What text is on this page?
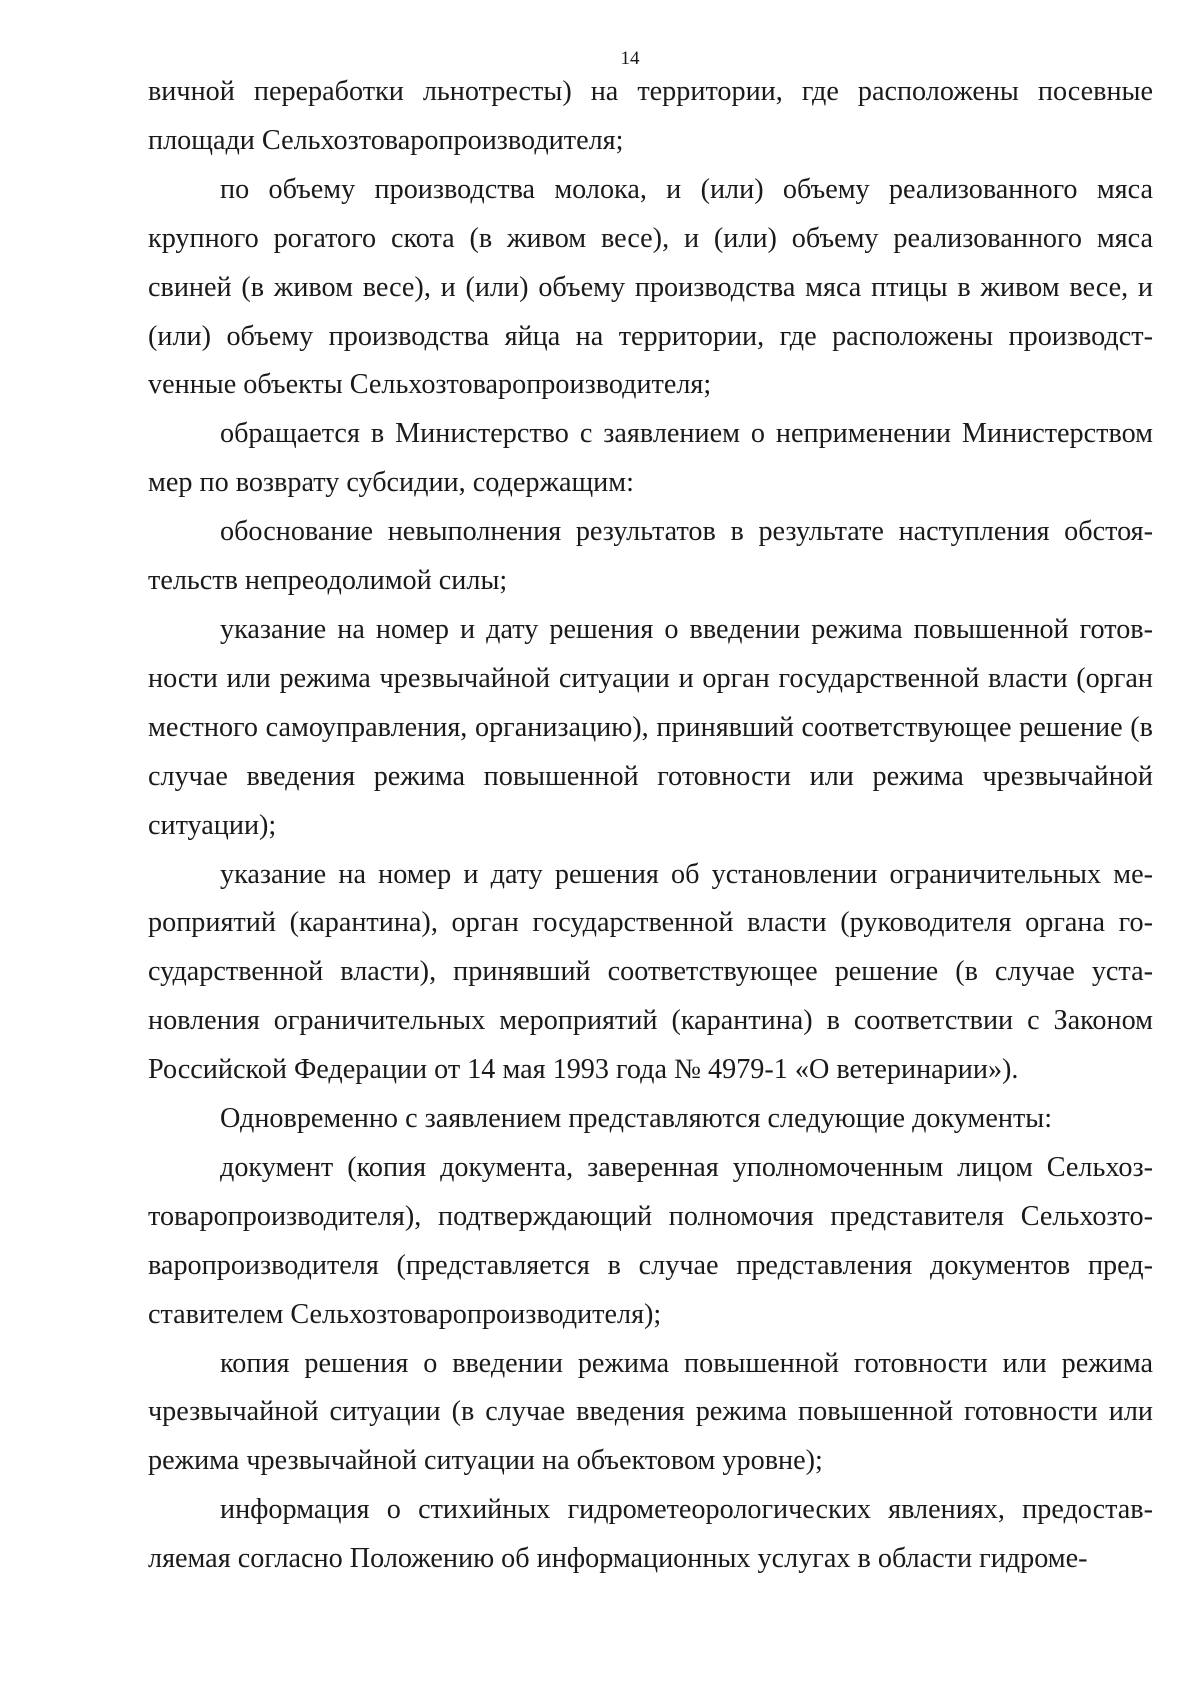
14

вичной переработки льнотресты) на территории, где расположены посевные площади Сельхозтоваропроизводителя;

по объему производства молока, и (или) объему реализованного мяса крупного рогатого скота (в живом весе), и (или) объему реализованного мяса свиней (в живом весе), и (или) объему производства мяса птицы в живом весе, и (или) объему производства яйца на территории, где расположены производстvенные объекты Сельхозтоваропроизводителя;

обращается в Министерство с заявлением о неприменении Министерством мер по возврату субсидии, содержащим:

обоснование невыполнения результатов в результате наступления обстоятельств непреодолимой силы;

указание на номер и дату решения о введении режима повышенной готовности или режима чрезвычайной ситуации и орган государственной власти (орган местного самоуправления, организацию), принявший соответствующее решение (в случае введения режима повышенной готовности или режима чрезвычайной ситуации);

указание на номер и дату решения об установлении ограничительных мероприятий (карантина), орган государственной власти (руководителя органа государственной власти), принявший соответствующее решение (в случае установления ограничительных мероприятий (карантина) в соответствии с Законом Российской Федерации от 14 мая 1993 года № 4979-1 «О ветеринарии»).

Одновременно с заявлением представляются следующие документы:

документ (копия документа, заверенная уполномоченным лицом Сельхозтоваропроизводителя), подтверждающий полномочия представителя Сельхозтоваропроизводителя (представляется в случае представления документов представителем Сельхозтоваропроизводителя);

копия решения о введении режима повышенной готовности или режима чрезвычайной ситуации (в случае введения режима повышенной готовности или режима чрезвычайной ситуации на объектовом уровне);

информация о стихийных гидрометеорологических явлениях, предоставляемая согласно Положению об информационных услугах в области гидроме-
